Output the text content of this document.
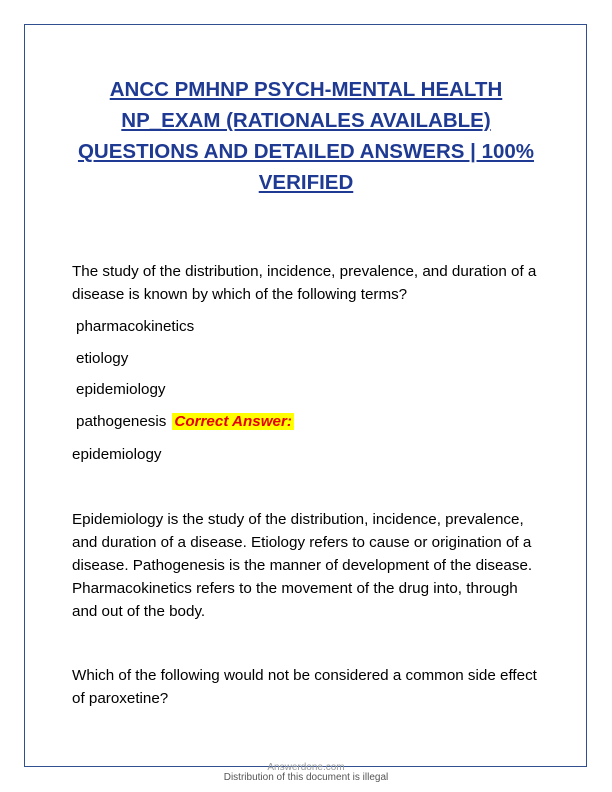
ANCC PMHNP PSYCH-MENTAL HEALTH NP_EXAM (RATIONALES AVAILABLE) QUESTIONS AND DETAILED ANSWERS | 100% VERIFIED

The study of the distribution, incidence, prevalence, and duration of a disease is known by which of the following terms?

pharmacokinetics

etiology

epidemiology

pathogenesis Correct Answer:

epidemiology

Epidemiology is the study of the distribution, incidence, prevalence, and duration of a disease. Etiology refers to cause or origination of a disease. Pathogenesis is the manner of development of the disease. Pharmacokinetics refers to the movement of the drug into, through and out of the body.

Which of the following would not be considered a common side effect of paroxetine?

Answerdone.com

Distribution of this document is illegal
